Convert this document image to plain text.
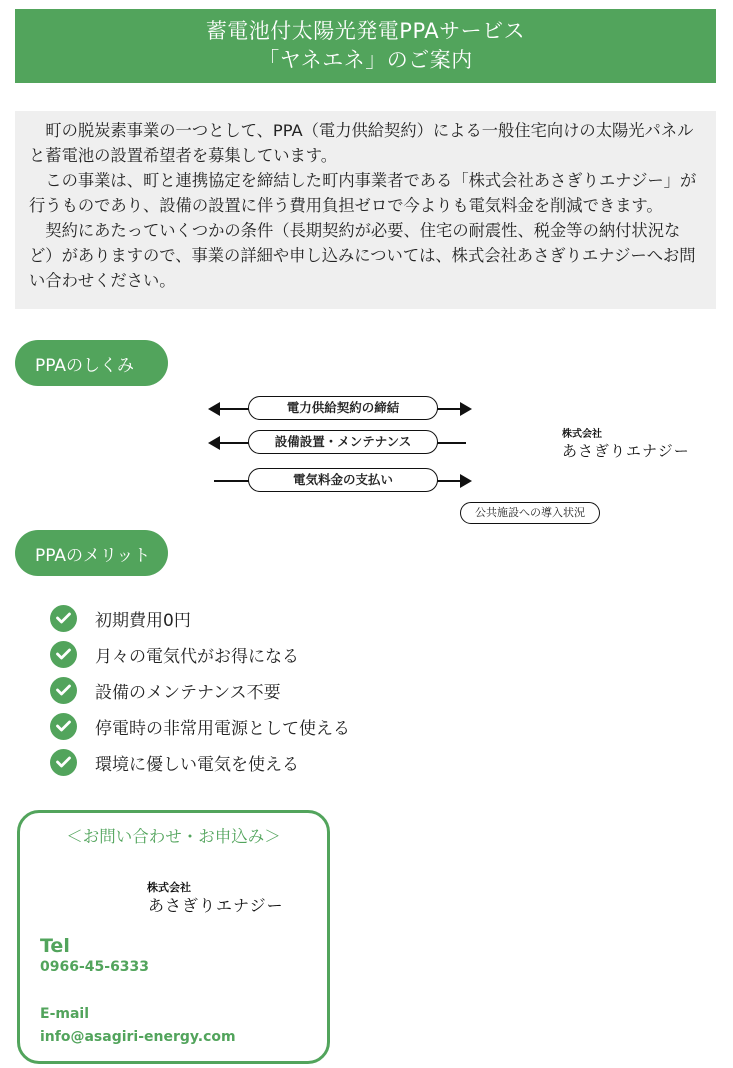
蓄電池付太陽光発電PPAサービス
「ヤネエネ」のご案内

町の脱炭素事業の一つとして、PPA（電力供給契約）による一般住宅向けの太陽光パネルと蓄電池の設置希望者を募集しています。

この事業は、町と連携協定を締結した町内事業者である「株式会社あさぎりエナジー」が行うものであり、設備の設置に伴う費用負担ゼロで今よりも電気料金を削減できます。

契約にあたっていくつかの条件（長期契約が必要、住宅の耐震性、税金等の納付状況など）がありますので、事業の詳細や申し込みについては、株式会社あさぎりエナジーへお問い合わせください。

PPAのしくみ
電力供給契約の締結
設備設置・メンテナンス
電気料金の支払い
株式会社
あさぎりエナジー
公共施設への導入状況
PPAのメリット
初期費用0円
月々の電気代がお得になる
設備のメンテナンス不要
停電時の非常用電源として使える
環境に優しい電気を使える
＜お問い合わせ・お申込み＞
株式会社
あさぎりエナジー
Tel
0966-45-6333
E-mail
info@asagiri-energy.com
